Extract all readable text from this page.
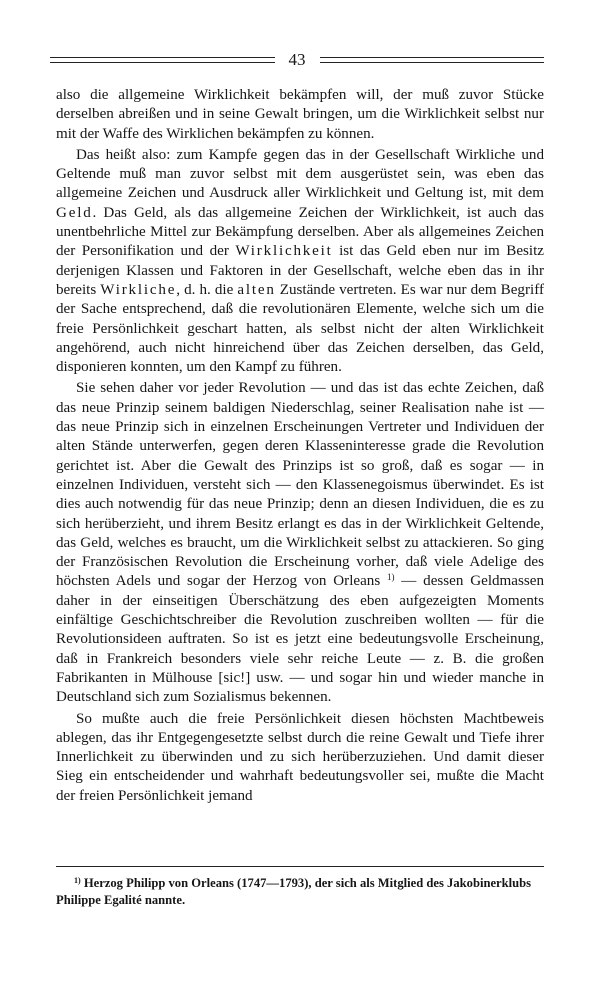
43

also die allgemeine Wirklichkeit bekämpfen will, der muß zuvor Stücke derselben abreißen und in seine Gewalt bringen, um die Wirklichkeit selbst nur mit der Waffe des Wirklichen bekämpfen zu können.

Das heißt also: zum Kampfe gegen das in der Gesellschaft Wirkliche und Geltende muß man zuvor selbst mit dem ausgerüstet sein, was eben das allgemeine Zeichen und Ausdruck aller Wirklichkeit und Geltung ist, mit dem Geld. Das Geld, als das allgemeine Zeichen der Wirklichkeit, ist auch das unentbehrliche Mittel zur Bekämpfung derselben. Aber als allgemeines Zeichen der Personifikation und der Wirklichkeit ist das Geld eben nur im Besitz derjenigen Klassen und Faktoren in der Gesellschaft, welche eben das in ihr bereits Wirkliche, d. h. die alten Zustände vertreten. Es war nur dem Begriff der Sache entsprechend, daß die revolutionären Elemente, welche sich um die freie Persönlichkeit geschart hatten, als selbst nicht der alten Wirklichkeit angehörend, auch nicht hinreichend über das Zeichen derselben, das Geld, disponieren konnten, um den Kampf zu führen.

Sie sehen daher vor jeder Revolution — und das ist das echte Zeichen, daß das neue Prinzip seinem baldigen Niederschlag, seiner Realisation nahe ist — das neue Prinzip sich in einzelnen Erscheinungen Vertreter und Individuen der alten Stände unterwerfen, gegen deren Klasseninteresse grade die Revolution gerichtet ist. Aber die Gewalt des Prinzips ist so groß, daß es sogar — in einzelnen Individuen, versteht sich — den Klassenegoismus überwindet. Es ist dies auch notwendig für das neue Prinzip; denn an diesen Individuen, die es zu sich herüberzieht, und ihrem Besitz erlangt es das in der Wirklichkeit Geltende, das Geld, welches es braucht, um die Wirklichkeit selbst zu attackieren. So ging der Französischen Revolution die Erscheinung vorher, daß viele Adelige des höchsten Adels und sogar der Herzog von Orleans $^{1)}$ — dessen Geldmassen daher in der einseitigen Überschätzung des eben aufgezeigten Moments einfältige Geschichtschreiber die Revolution zuschreiben wollten — für die Revolutionsideen auftraten. So ist es jetzt eine bedeutungsvolle Erscheinung, daß in Frankreich besonders viele sehr reiche Leute — z. B. die großen Fabrikanten in Mülhouse [sic!] usw. — und sogar hin und wieder manche in Deutschland sich zum Sozialismus bekennen.

So mußte auch die freie Persönlichkeit diesen höchsten Machtbeweis ablegen, das ihr Entgegengesetzte selbst durch die reine Gewalt und Tiefe ihrer Innerlichkeit zu überwinden und zu sich herüberzuziehen. Und damit dieser Sieg ein entscheidender und wahrhaft bedeutungsvoller sei, mußte die Macht der freien Persönlichkeit jemand

$^{1)}$ Herzog Philipp von Orleans (1747—1793), der sich als Mitglied des Jakobinerklubs Philippe Egalité nannte.
